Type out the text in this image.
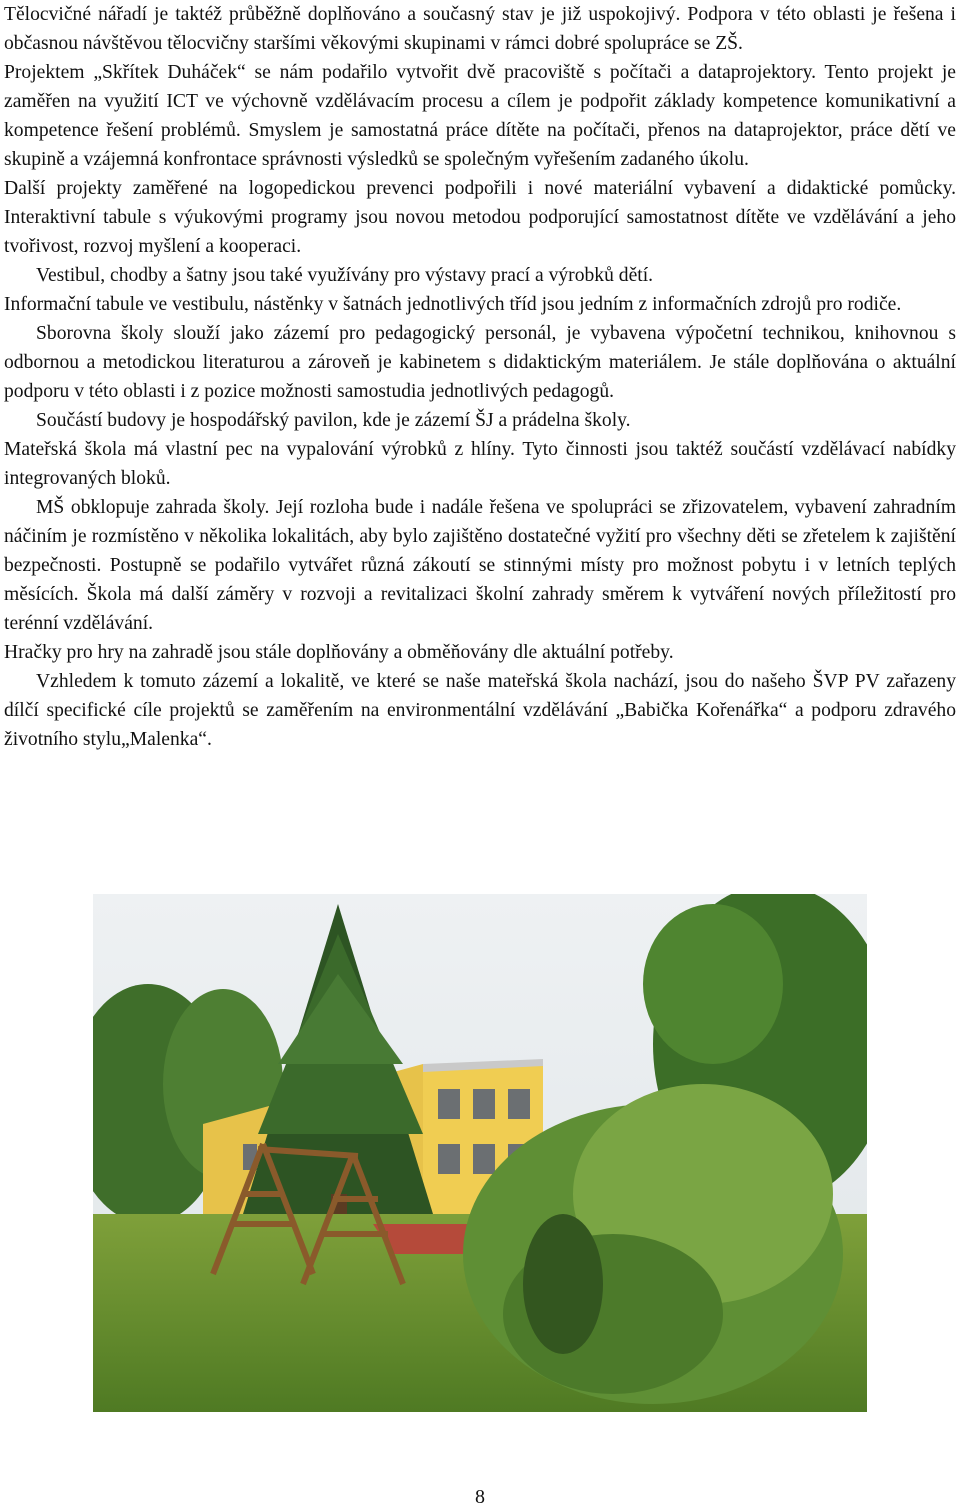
Tělocvičné nářadí je taktéž průběžně doplňováno a současný stav je již uspokojivý. Podpora v této oblasti je řešena i občasnou návštěvou tělocvičny staršími věkovými skupinami v rámci dobré spolupráce se ZŠ.

Projektem „Skřítek Duháček“ se nám podařilo vytvořit dvě pracoviště s počítači a dataprojektory. Tento projekt je zaměřen na využití ICT ve výchovně vzdělávacím procesu a cílem je podpořit základy kompetence komunikativní a kompetence řešení problémů. Smyslem je samostatná práce dítěte na počítači, přenos na dataprojektor, práce dětí ve skupině a vzájemná konfrontace správnosti výsledků se společným vyřešením zadaného úkolu.

Další projekty zaměřené na logopedickou prevenci podpořili i nové materiální vybavení a didaktické pomůcky. Interaktivní tabule s výukovými programy jsou novou metodou podporující samostatnost dítěte ve vzdělávání a jeho tvořivost, rozvoj myšlení a kooperaci.

Vestibul, chodby a šatny jsou také využívány pro výstavy prací a výrobků dětí.

Informační tabule ve vestibulu, nástěnky v šatnách jednotlivých tříd jsou jedním z informačních zdrojů pro rodiče.

Sborovna školy slouží jako zázemí pro pedagogický personál, je vybavena výpočetní technikou, knihovnou s odbornou a metodickou literaturou a zároveň je kabinetem s didaktickým materiálem. Je stále doplňována o aktuální podporu v této oblasti i z pozice možnosti samostudia jednotlivých pedagogů.

Součástí budovy je hospodářský pavilon, kde je zázemí ŠJ a prádelna školy.

Mateřská škola má vlastní pec na vypalování výrobků z hlíny. Tyto činnosti jsou taktéž součástí vzdělávací nabídky integrovaných bloků.

MŠ obklopuje zahrada školy. Její rozloha bude i nadále řešena ve spolupráci se zřizovatelem, vybavení zahradním náčiním je rozmístěno v několika lokalitách, aby bylo zajištěno dostatečné vyžití pro všechny děti se zřetelem k zajištění bezpečnosti. Postupně se podařilo vytvářet různá zákoutí se stinnými místy pro možnost pobytu i v letních teplých měsících. Škola má další záměry v rozvoji a revitalizaci školní zahrady směrem k vytváření nových příležitostí pro terénní vzdělávání.

Hračky pro hry na zahradě jsou stále doplňovány a obměňovány dle aktuální potřeby.

Vzhledem k tomuto zázemí a lokalitě, ve které se naše mateřská škola nachází, jsou do našeho ŠVP PV zařazeny dílčí specifické cíle projektů se zaměřením na environmentální vzdělávání „Babička Kořenářka“ a podporu zdravého životního stylu„Malenka“.

8
